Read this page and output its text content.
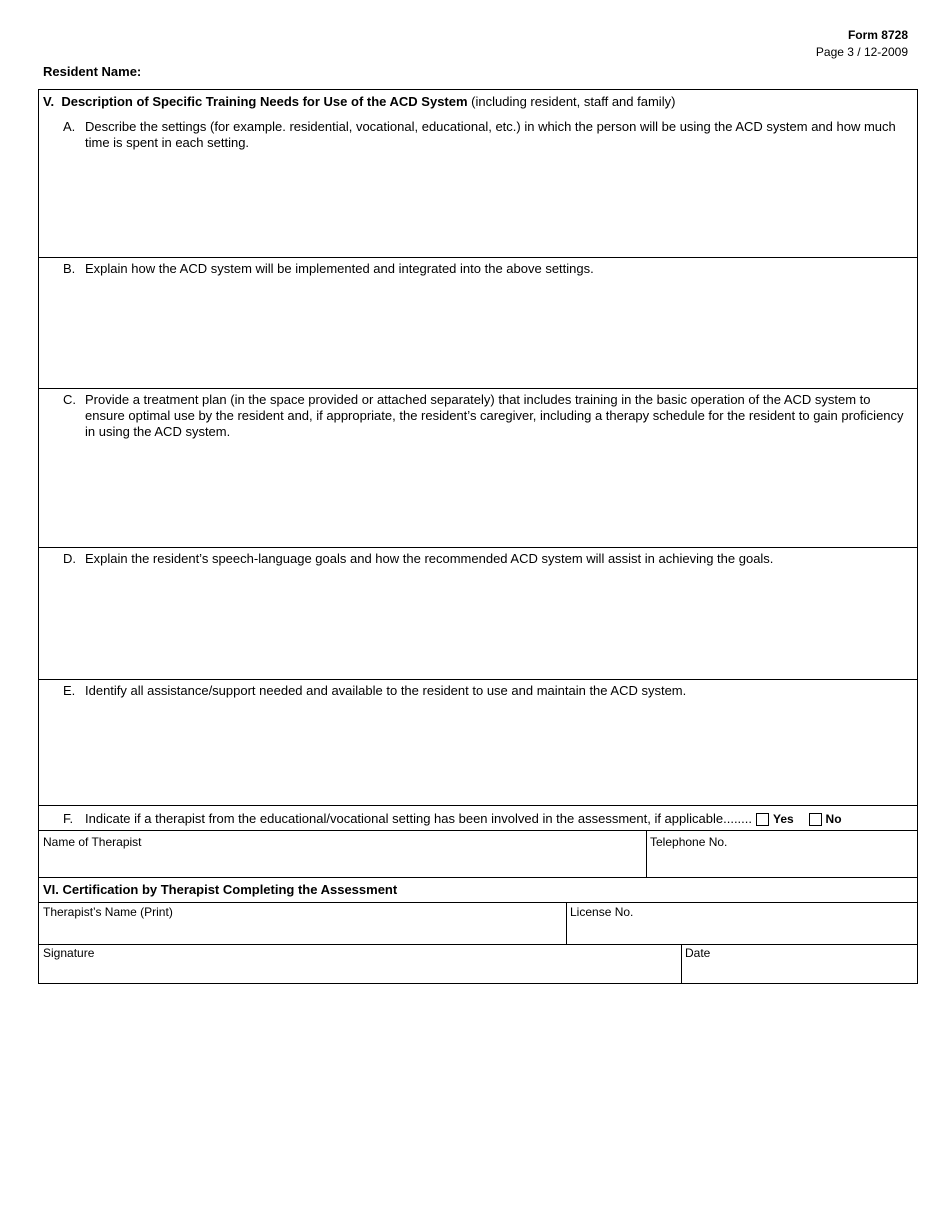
Form 8728
Page 3 / 12-2009
Resident Name:
V. Description of Specific Training Needs for Use of the ACD System (including resident, staff and family)
A. Describe the settings (for example. residential, vocational, educational, etc.) in which the person will be using the ACD system and how much time is spent in each setting.
B. Explain how the ACD system will be implemented and integrated into the above settings.
C. Provide a treatment plan (in the space provided or attached separately) that includes training in the basic operation of the ACD system to ensure optimal use by the resident and, if appropriate, the resident’s caregiver, including a therapy schedule for the resident to gain proficiency in using the ACD system.
D. Explain the resident’s speech-language goals and how the recommended ACD system will assist in achieving the goals.
E. Identify all assistance/support needed and available to the resident to use and maintain the ACD system.
F. Indicate if a therapist from the educational/vocational setting has been involved in the assessment, if applicable........ Yes	No
Name of Therapist	Telephone No.
VI. Certification by Therapist Completing the Assessment
Therapist’s Name (Print)	License No.
Signature	Date
